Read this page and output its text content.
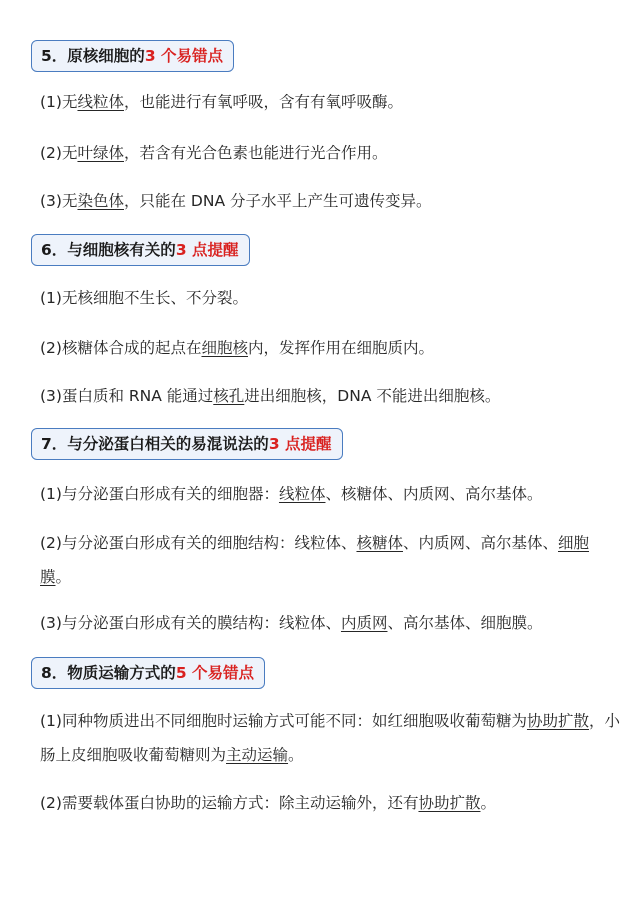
5．原核细胞的3 个易错点
(1)无线粒体，也能进行有氧呼吸，含有有氧呼吸酶。
(2)无叶绿体，若含有光合色素也能进行光合作用。
(3)无染色体，只能在 DNA 分子水平上产生可遗传变异。
6．与细胞核有关的3 点提醒
(1)无核细胞不生长、不分裂。
(2)核糖体合成的起点在细胞核内，发挥作用在细胞质内。
(3)蛋白质和 RNA 能通过核孔进出细胞核，DNA 不能进出细胞核。
7．与分泌蛋白相关的易混说法的3 点提醒
(1)与分泌蛋白形成有关的细胞器：线粒体、核糖体、内质网、高尔基体。
(2)与分泌蛋白形成有关的细胞结构：线粒体、核糖体、内质网、高尔基体、细胞膜。
(3)与分泌蛋白形成有关的膜结构：线粒体、内质网、高尔基体、细胞膜。
8．物质运输方式的5 个易错点
(1)同种物质进出不同细胞时运输方式可能不同：如红细胞吸收葡萄糖为协助扩散，小肠上皮细胞吸收葡萄糖则为主动运输。
(2)需要载体蛋白协助的运输方式：除主动运输外，还有协助扩散。
